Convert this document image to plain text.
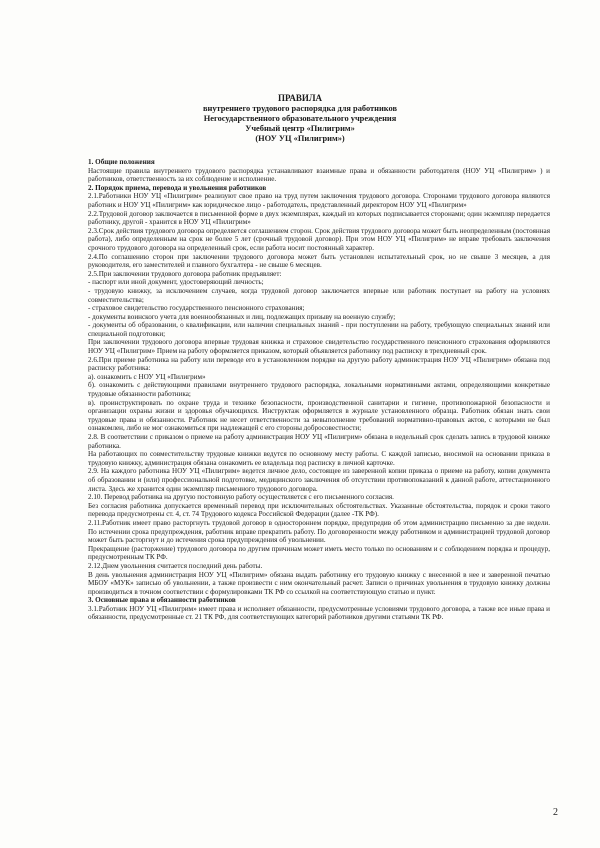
ПРАВИЛА
внутреннего трудового распорядка для работников
Негосударственного образовательного учреждения
Учебный центр «Пилигрим»
(НОУ УЦ «Пилигрим»)

1. Общие положения

Настоящие правила внутреннего трудового распорядка устанавливают взаимные права и обязанности работодателя (НОУ УЦ «Пилигрим» ) и работников, ответственность за их соблюдение и исполнение.

2. Порядок приема, перевода и увольнения работников

2.1.Работники НОУ УЦ «Пилигрим» реализуют свое право на труд путем заключения трудового договора. Сторонами трудового договора являются работник и НОУ УЦ «Пилигрим» как юридическое лицо - работодатель, представленный директором НОУ УЦ «Пилигрим»

2.2.Трудовой договор заключается в письменной форме в двух экземплярах, каждый из которых подписывается сторонами; один экземпляр передается работнику, другой - хранится в НОУ УЦ «Пилигрим»

2.3.Срок действия трудового договора определяется соглашением сторон. Срок действия трудового договора может быть неопределенным (постоянная работа), либо определенным на срок не более 5 лет (срочный трудовой договор). При этом НОУ УЦ «Пилигрим» не вправе требовать заключения срочного трудового договора на определенный срок, если работа носит постоянный характер.

2.4.По соглашению сторон при заключении трудового договора может быть установлен испытательный срок, но не свыше 3 месяцев, а для руководителя, его заместителей и главного бухгалтера - не свыше 6 месяцев.

2.5.При заключении трудового договора работник предъявляет:

- паспорт или иной документ, удостоверяющий личность;

- трудовую книжку, за исключением случаев, когда трудовой договор заключается впервые или работник поступает на работу на условиях совместительства;

- страховое свидетельство государственного пенсионного страхования;

- документы воинского учета для военнообязанных и лиц, подлежащих призыву на военную службу;

- документы об образовании, о квалификации, или наличии специальных знаний - при поступлении на работу, требующую специальных знаний или специальной подготовки;

При заключении трудового договора впервые трудовая книжка и страховое свидетельство государственного пенсионного страхования оформляются НОУ УЦ «Пилигрим» Прием на работу оформляется приказом, который объявляется работнику под расписку в трехдневный срок.

2.6.При приеме работника на работу или переводе его в установленном порядке на другую работу администрация НОУ УЦ «Пилигрим» обязана под расписку работника:

а). ознакомить с НОУ УЦ «Пилигрим»

б). ознакомить с действующими правилами внутреннего трудового распорядка, локальными нормативными актами, определяющими конкретные трудовые обязанности работника;

в). проинструктировать по охране труда и технике безопасности, производственной санитарии и гигиене, противопожарной безопасности и организации охраны жизни и здоровья обучающихся. Инструктаж оформляется в журнале установленного образца. Работник обязан знать свои трудовые права и обязанности. Работник не несет ответственности за невыполнение требований нормативно-правовых актов, с которыми не был ознакомлен, либо не мог ознакомиться при надлежащей с его стороны добросовестности;

2.8. В соответствии с приказом о приеме на работу администрация НОУ УЦ «Пилигрим» обязана в недельный срок сделать запись в трудовой книжке работника.

На работающих по совместительству трудовые книжки ведутся по основному месту работы. С каждой записью, вносимой на основании приказа в трудовую книжку, администрация обязана ознакомить ее владельца под расписку в личной карточке.

2.9. На каждого работника НОУ УЦ «Пилигрим» ведется личное дело, состоящее из заверенной копии приказа о приеме на работу, копии документа об образовании и (или) профессиональной подготовке, медицинского заключения об отсутствии противопоказаний к данной работе, аттестационного листа. Здесь же хранится один экземпляр письменного трудового договора.

2.10. Перевод работника на другую постоянную работу осуществляется с его письменного согласия.

Без согласия работника допускается временный перевод при исключительных обстоятельствах. Указанные обстоятельства, порядок и сроки такого перевода предусмотрены ст. 4, ст. 74 Трудового кодекса Российской Федерации (далее -ТК РФ).

2.11.Работник имеет право расторгнуть трудовой договор в одностороннем порядке, предупредив об этом администрацию письменно за две недели. По истечении срока предупреждения, работник вправе прекратить работу. По договоренности между работником и администрацией трудовой договор может быть расторгнут и до истечения срока предупреждения об увольнении.

Прекращение (расторжение) трудового договора по другим причинам может иметь место только по основаниям и с соблюдением порядка и процедур, предусмотренным ТК РФ.

2.12.Днем увольнения считается последний день работы.

В день увольнения администрация НОУ УЦ «Пилигрим» обязана выдать работнику его трудовую книжку с внесенной в нее и заверенной печатью МБОУ «МУК» записью об увольнении, а также произвести с ним окончательный расчет. Записи о причинах увольнения в трудовую книжку должны производиться в точном соответствии с формулировками ТК РФ со ссылкой на соответствующую статью и пункт.

3. Основные права и обязанности работников

3.1.Работник НОУ УЦ «Пилигрим» имеет права и исполняет обязанности, предусмотренные условиями трудового договора, а также все иные права и обязанности, предусмотренные ст. 21 ТК РФ, для соответствующих категорий работников другими статьями ТК РФ.

2
